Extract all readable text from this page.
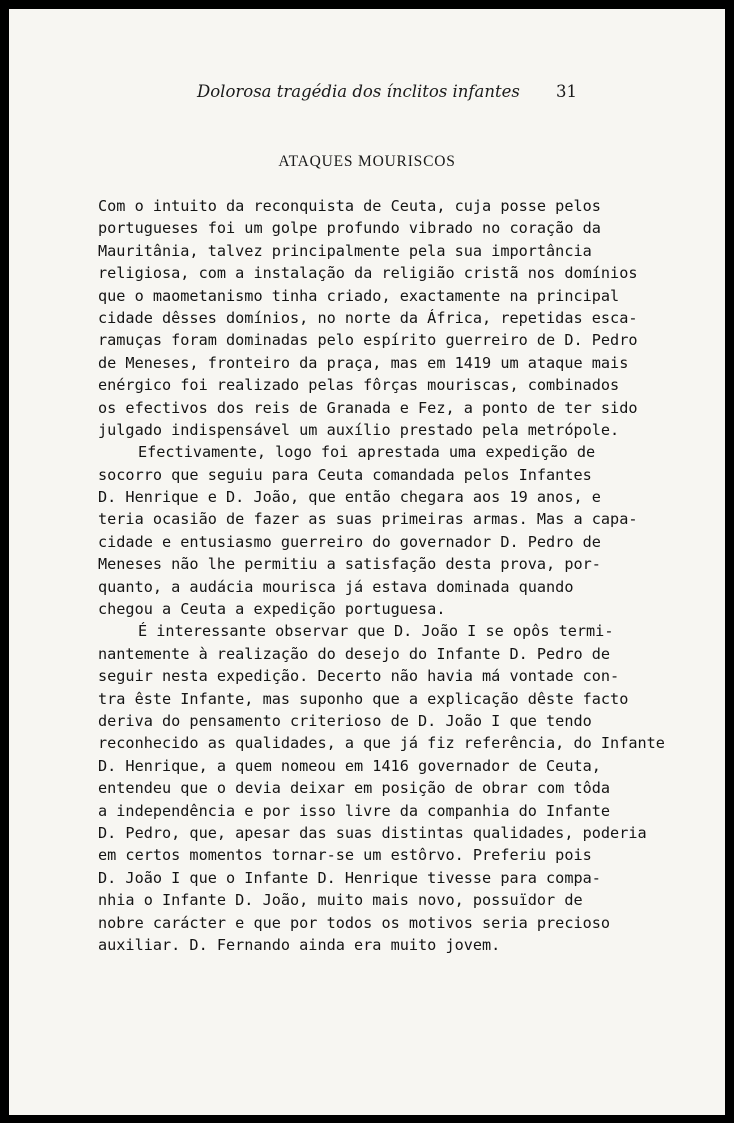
Dolorosa tragédia dos ínclitos infantes 31
ATAQUES MOURISCOS
Com o intuito da reconquista de Ceuta, cuja posse pelos
portugueses foi um golpe profundo vibrado no coração da
Mauritânia, talvez principalmente pela sua importância
religiosa, com a instalação da religião cristã nos domínios
que o maometanismo tinha criado, exactamente na principal
cidade dêsses domínios, no norte da África, repetidas esca-
ramuças foram dominadas pelo espírito guerreiro de D. Pedro
de Meneses, fronteiro da praça, mas em 1419 um ataque mais
enérgico foi realizado pelas fôrças mouriscas, combinados
os efectivos dos reis de Granada e Fez, a ponto de ter sido
julgado indispensável um auxílio prestado pela metrópole.
Efectivamente, logo foi aprestada uma expedição de
socorro que seguiu para Ceuta comandada pelos Infantes
D. Henrique e D. João, que então chegara aos 19 anos, e
teria ocasião de fazer as suas primeiras armas. Mas a capa-
cidade e entusiasmo guerreiro do governador D. Pedro de
Meneses não lhe permitiu a satisfação desta prova, por-
quanto, a audácia mourisca já estava dominada quando
chegou a Ceuta a expedição portuguesa.
É interessante observar que D. João I se opôs termi-
nantemente à realização do desejo do Infante D. Pedro de
seguir nesta expedição. Decerto não havia má vontade con-
tra êste Infante, mas suponho que a explicação dêste facto
deriva do pensamento criterioso de D. João I que tendo
reconhecido as qualidades, a que já fiz referência, do Infante
D. Henrique, a quem nomeou em 1416 governador de Ceuta,
entendeu que o devia deixar em posição de obrar com tôda
a independência e por isso livre da companhia do Infante
D. Pedro, que, apesar das suas distintas qualidades, poderia
em certos momentos tornar-se um estôrvo. Preferiu pois
D. João I que o Infante D. Henrique tivesse para compa-
nhia o Infante D. João, muito mais novo, possuïdor de
nobre carácter e que por todos os motivos seria precioso
auxiliar. D. Fernando ainda era muito jovem.
